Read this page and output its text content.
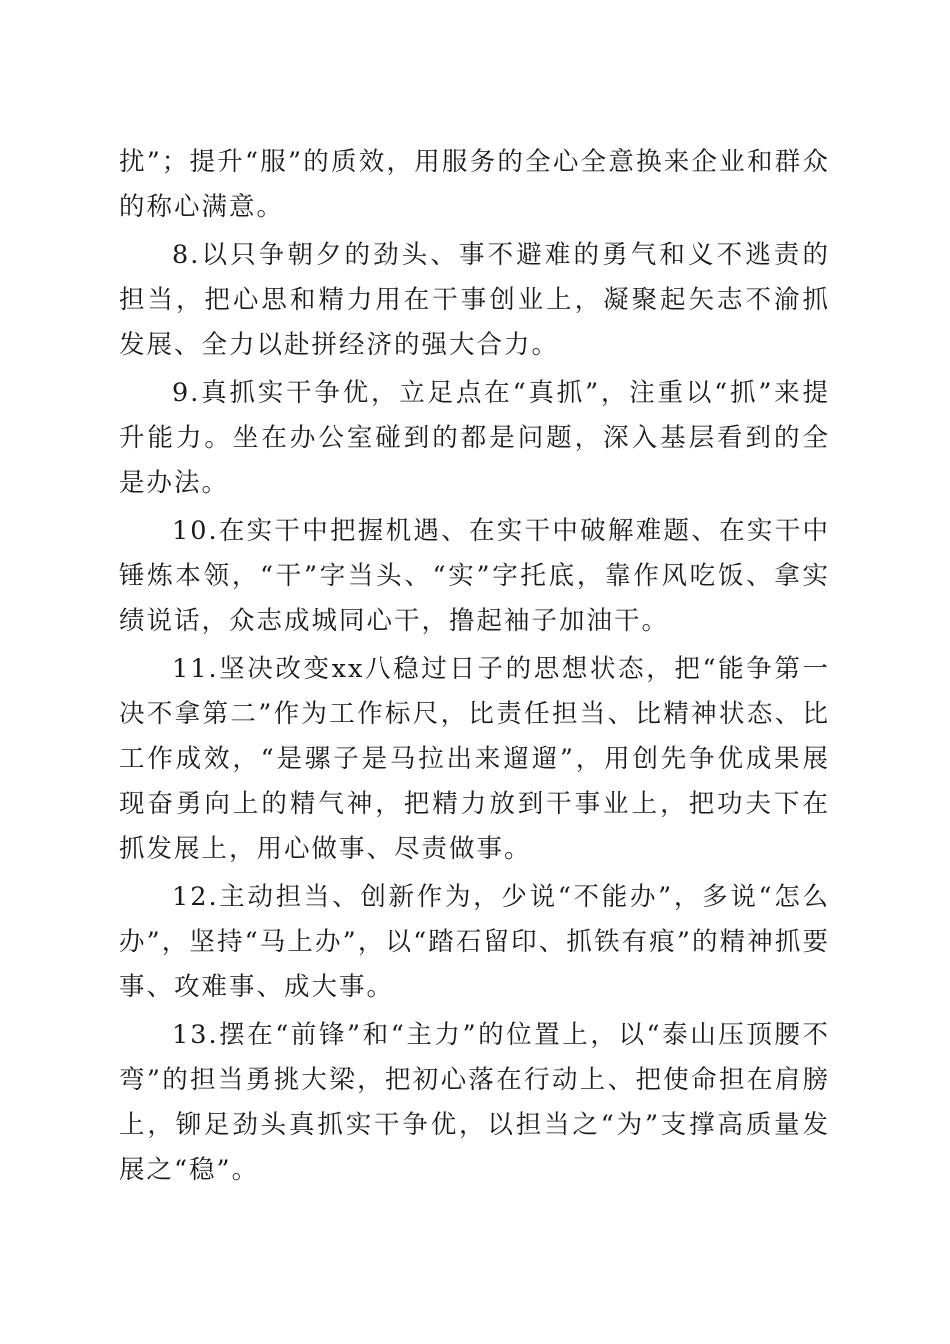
扰”；提升“服”的质效，用服务的全心全意换来企业和群众的称心满意。

8.以只争朝夕的劲头、事不避难的勇气和义不逃责的担当，把心思和精力用在干事创业上，凝聚起矢志不渝抓发展、全力以赴拼经济的强大合力。

9.真抓实干争优，立足点在“真抓”，注重以“抓”来提升能力。坐在办公室碰到的都是问题，深入基层看到的全是办法。

10.在实干中把握机遇、在实干中破解难题、在实干中锤炼本领，“干”字当头、“实”字托底，靠作风吃饭、拿实绩说话，众志成城同心干，撸起袖子加油干。

11.坚决改变xx八稳过日子的思想状态，把“能争第一决不拿第二”作为工作标尺，比责任担当、比精神状态、比工作成效，“是骡子是马拉出来遛遛”，用创先争优成果展现奋勇向上的精气神，把精力放到干事业上，把功夫下在抓发展上，用心做事、尽责做事。

12.主动担当、创新作为，少说“不能办”，多说“怎么办”，坚持“马上办”，以“踏石留印、抓铁有痕”的精神抓要事、攻难事、成大事。

13.摆在“前锋”和“主力”的位置上，以“泰山压顶腰不弯”的担当勇挑大梁，把初心落在行动上、把使命担在肩膀上，铆足劲头真抓实干争优，以担当之“为”支撑高质量发展之“稳”。
